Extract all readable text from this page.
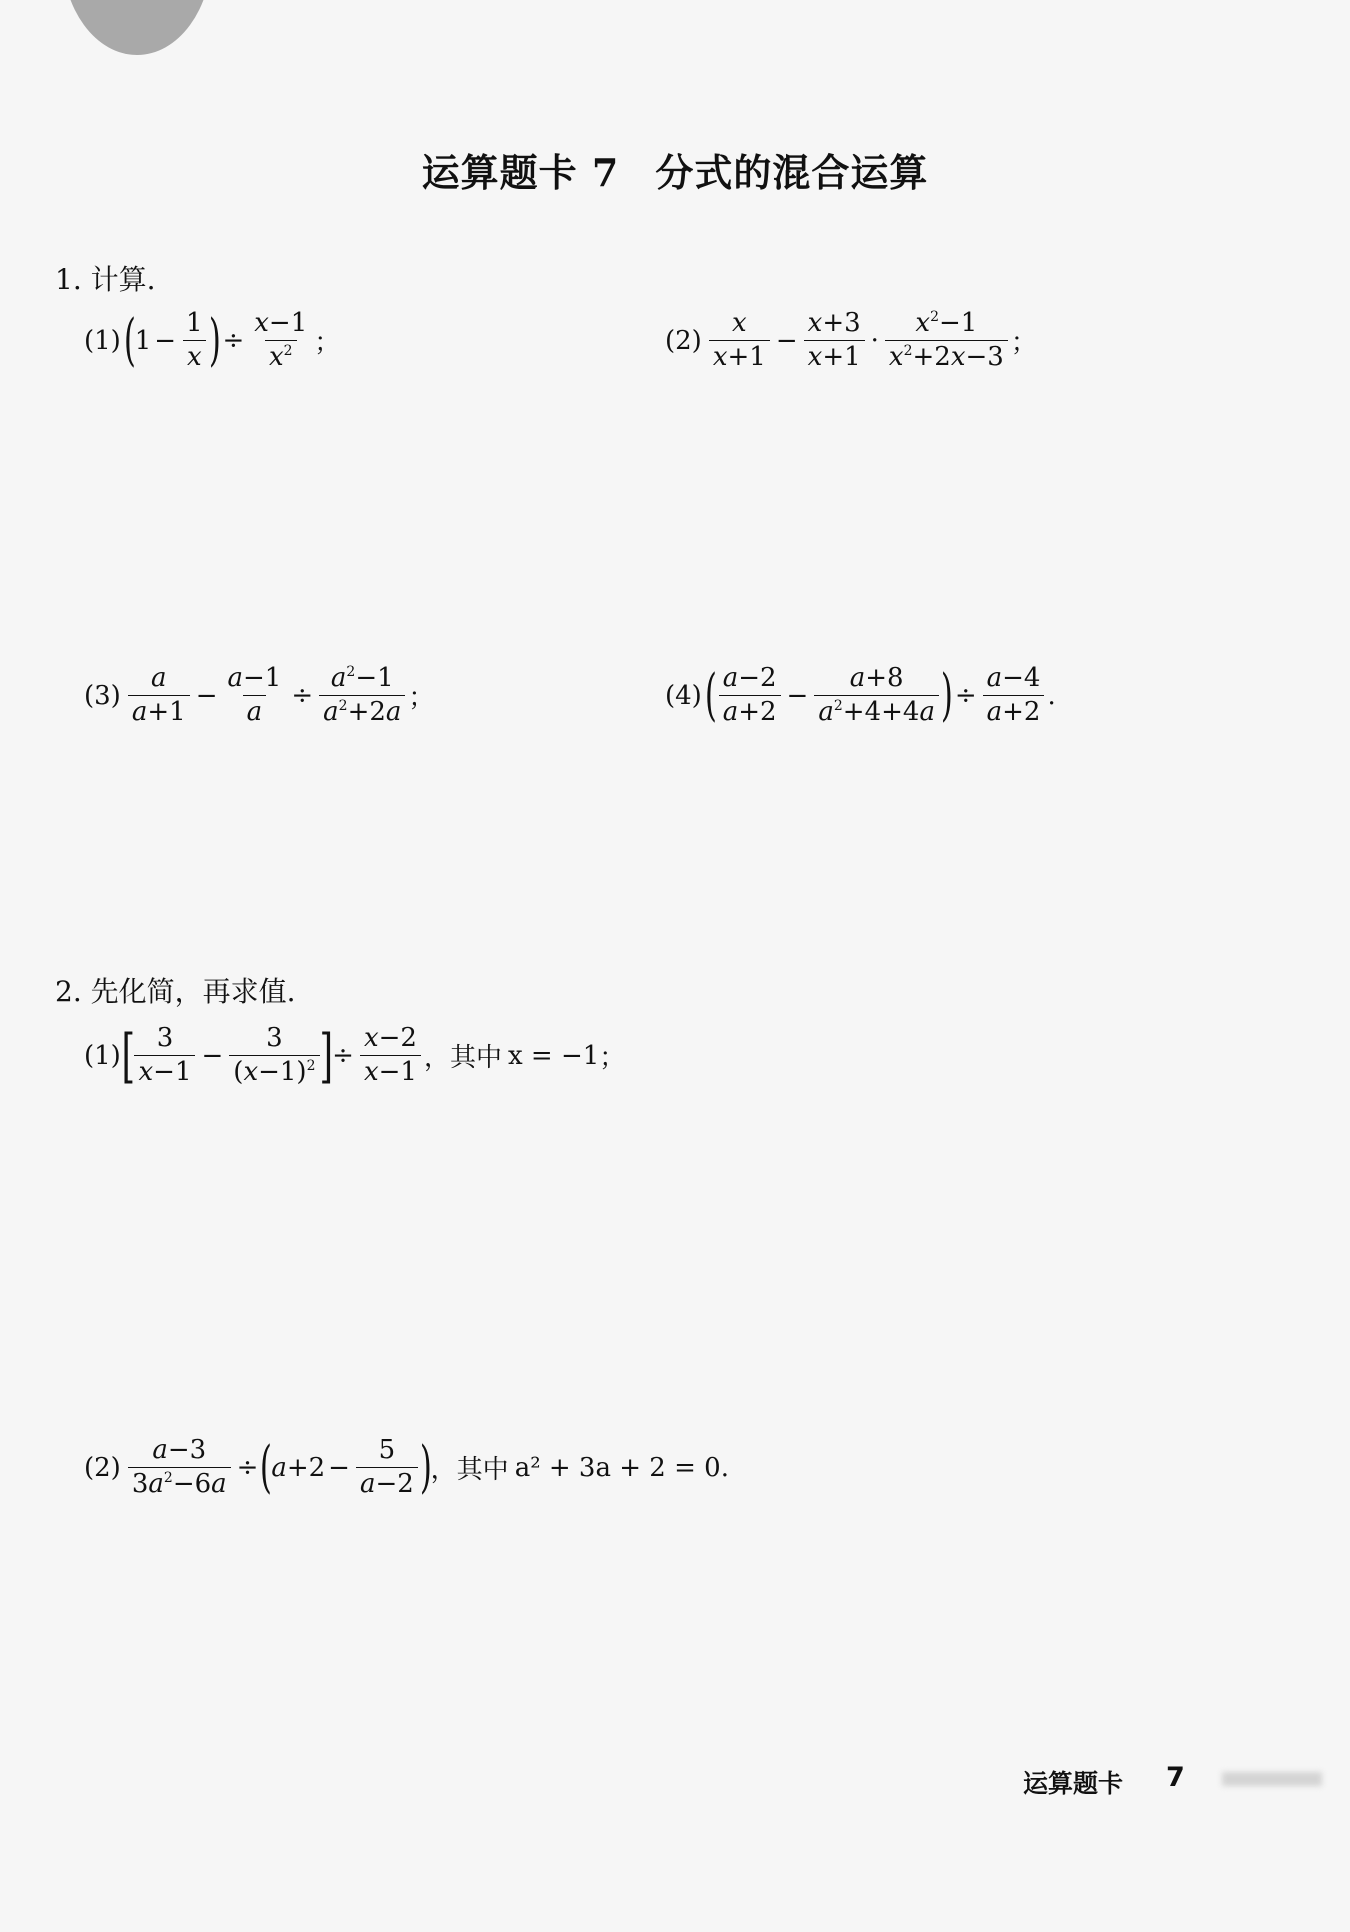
运算题卡 7 分式的混合运算
1. 计算.
(1) (
$1 - \frac{1}{x}$ ) ÷ $\frac{x-1}{x^2}$ ；	$(2) \frac{x}{x+1} - \frac{x+3}{x+1} \cdot \frac{x^2-1}{x^2+2x-3}$ ；
$(3) \frac{a}{a+1} - \frac{a-1}{a} \div \frac{a^2-1}{a^2+2a}$ ；	(4) ( $\frac{a-2}{a+2} - \frac{a+8}{a^2+4+4a}$ ) ÷ $\frac{a-4}{a+2}$ .
2. 先化简，再求值.
(1) [ $\frac{3}{x-1} - \frac{3}{(x-1)^2}$ ] ÷ $\frac{x-2}{x-1}$ ，其中 x = −1 ；
$(2) \frac{a-3}{3a^2-6a}$ ÷ (
$a +2 - \frac{5}{a-2}$ )
，其中 a² + 3a + 2 = 0 .
运算题卡 7
